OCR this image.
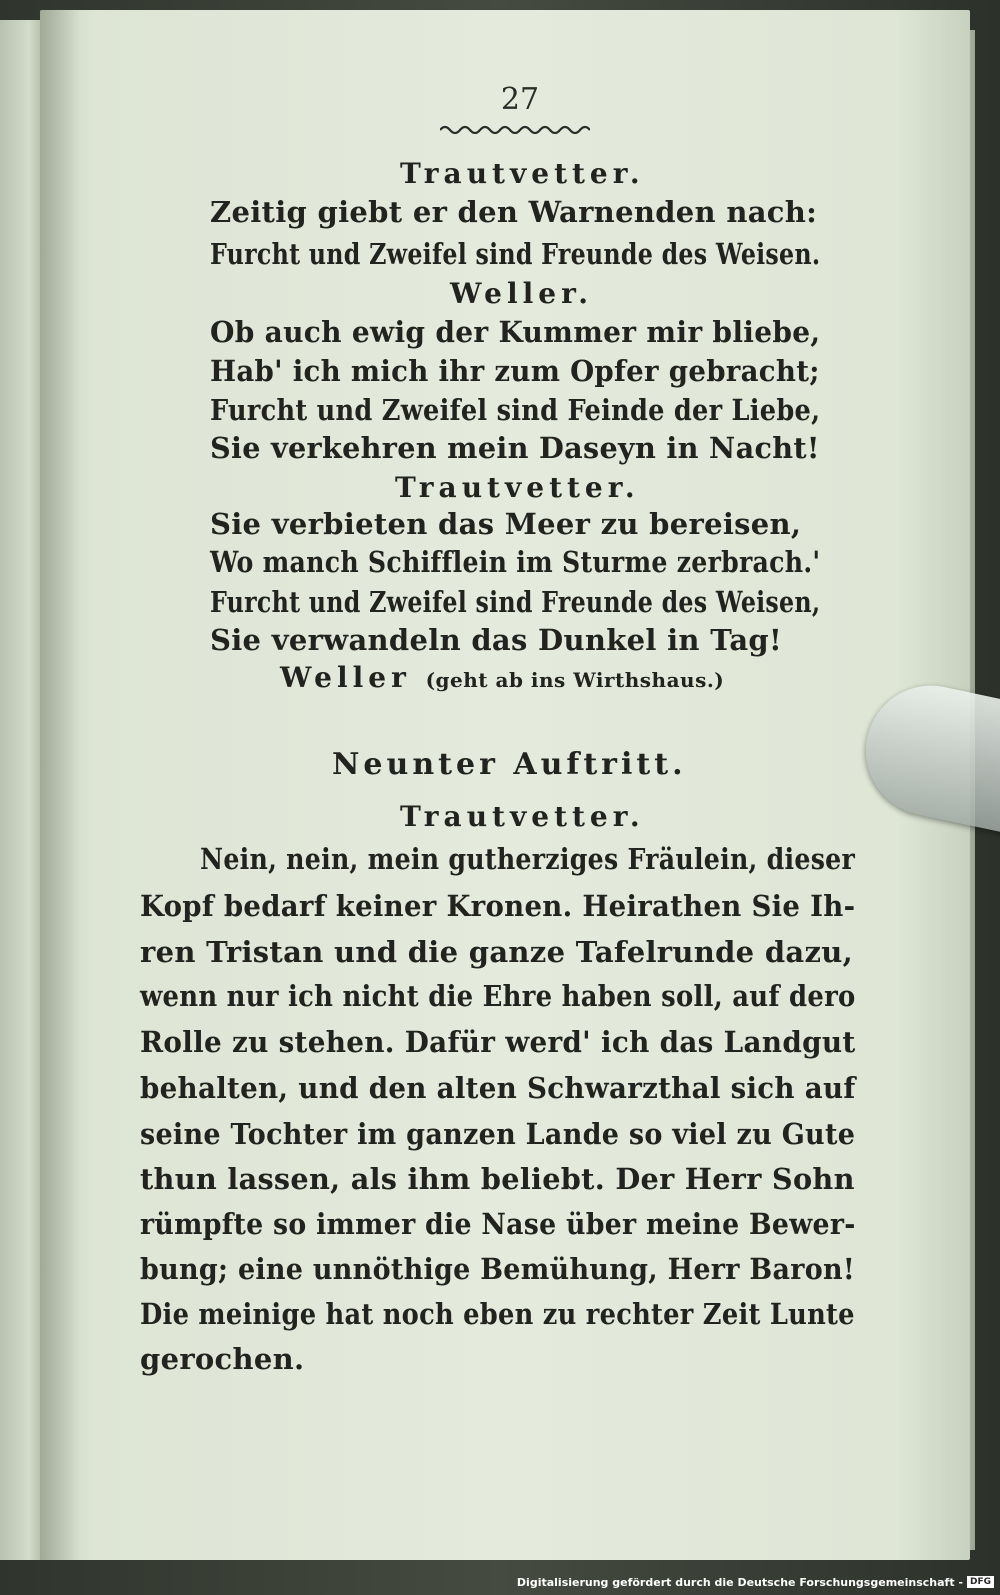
27
Trautvetter.
Zeitig giebt er den Warnenden nach:
Furcht und Zweifel sind Freunde des Weisen.
Weller.
Ob auch ewig der Kummer mir bliebe,
Hab' ich mich ihr zum Opfer gebracht;
Furcht und Zweifel sind Feinde der Liebe,
Sie verkehren mein Daseyn in Nacht!
Trautvetter.
Sie verbieten das Meer zu bereisen,
Wo manch Schifflein im Sturme zerbrach.'
Furcht und Zweifel sind Freunde des Weisen,
Sie verwandeln das Dunkel in Tag!
Weller (geht ab ins Wirthshaus.)
Neunter Auftritt.
Trautvetter.
Nein, nein, mein gutherziges Fräulein, dieser
Kopf bedarf keiner Kronen. Heirathen Sie Ih-
ren Tristan und die ganze Tafelrunde dazu,
wenn nur ich nicht die Ehre haben soll, auf dero
Rolle zu stehen. Dafür werd' ich das Landgut
behalten, und den alten Schwarzthal sich auf
seine Tochter im ganzen Lande so viel zu Gute
thun lassen, als ihm beliebt. Der Herr Sohn
rümpfte so immer die Nase über meine Bewer-
bung; eine unnöthige Bemühung, Herr Baron!
Die meinige hat noch eben zu rechter Zeit Lunte
gerochen.
Digitalisierung gefördert durch die Deutsche Forschungsgemeinschaft - DFG
